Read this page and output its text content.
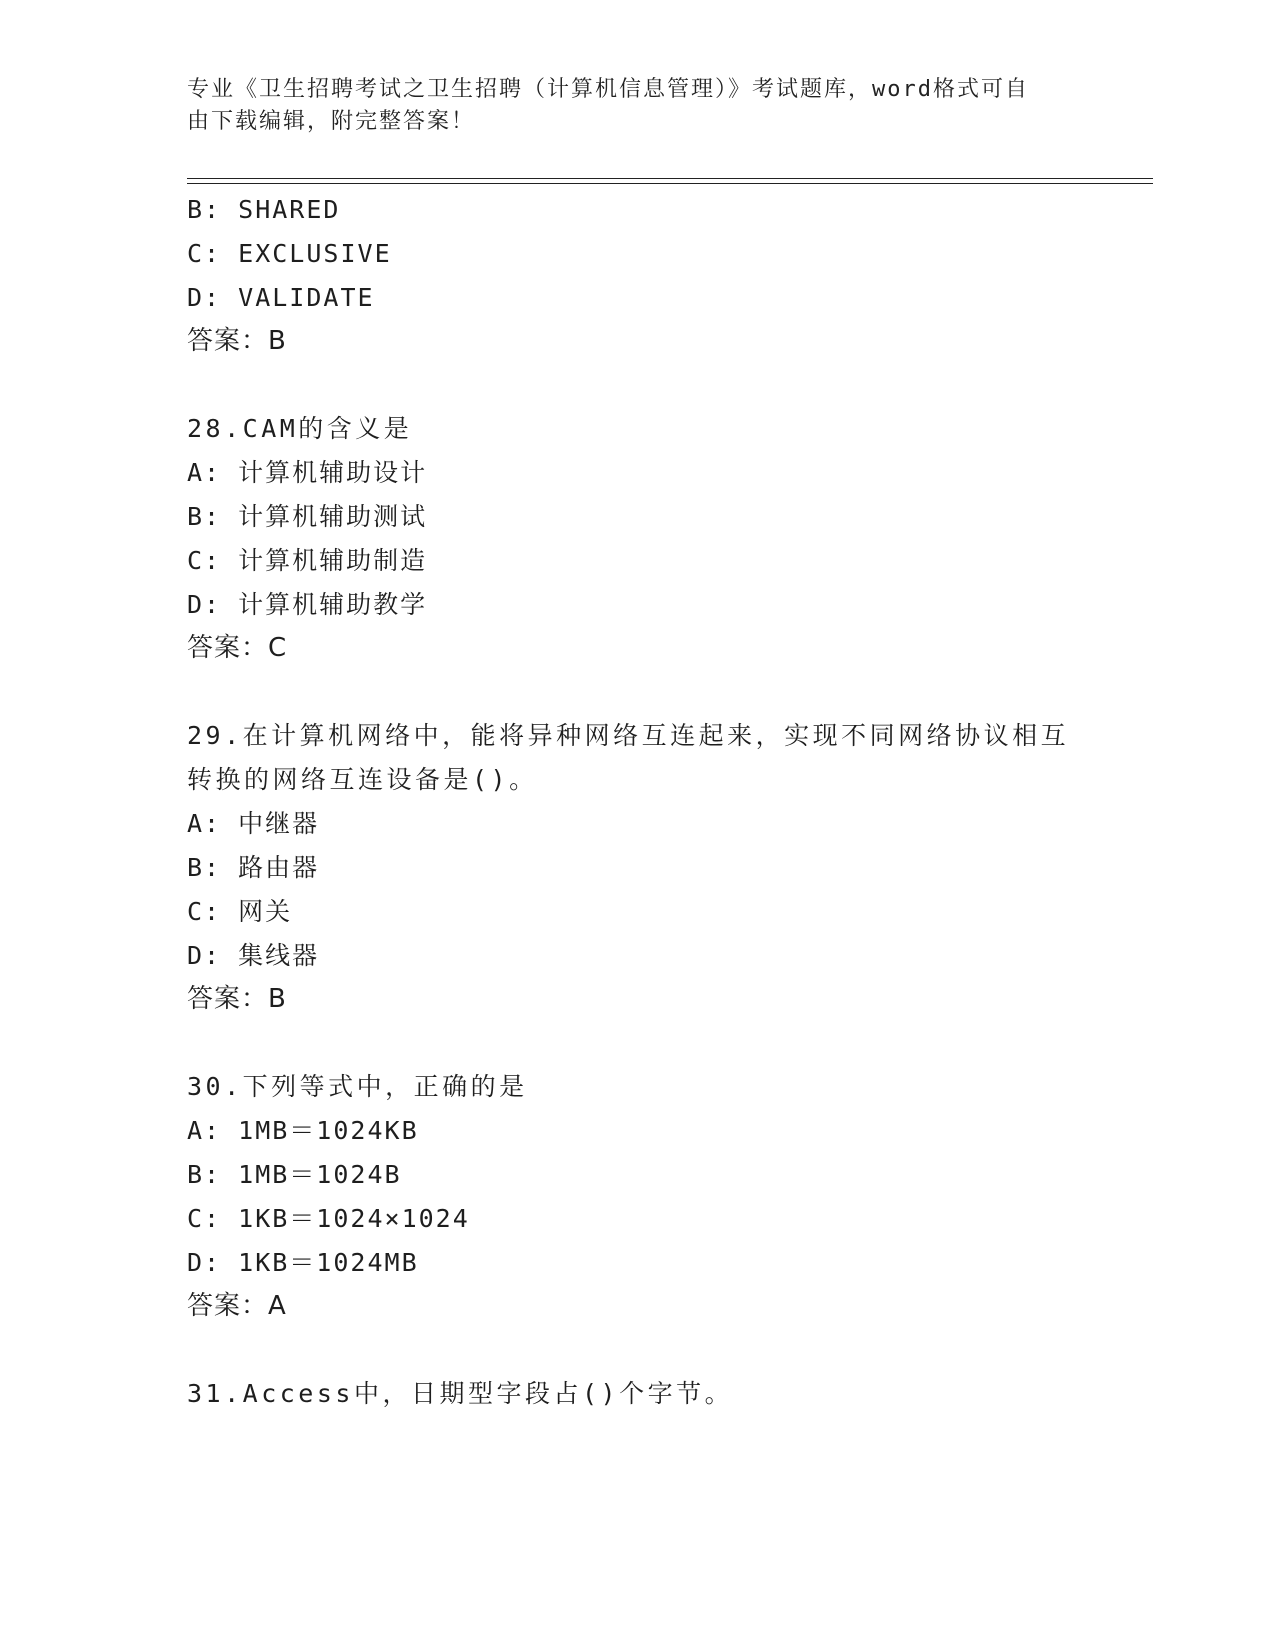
专业《卫生招聘考试之卫生招聘（计算机信息管理）》考试题库，word格式可自
由下载编辑，附完整答案！
B: SHARED
C: EXCLUSIVE
D: VALIDATE
答案：B
28.CAM的含义是
A: 计算机辅助设计
B: 计算机辅助测试
C: 计算机辅助制造
D: 计算机辅助教学
答案：C
29.在计算机网络中，能将异种网络互连起来，实现不同网络协议相互
转换的网络互连设备是()。
A: 中继器
B: 路由器
C: 网关
D: 集线器
答案：B
30.下列等式中，正确的是
A: 1MB＝1024KB
B: 1MB＝1024B
C: 1KB＝1024×1024
D: 1KB＝1024MB
答案：A
31.Access中，日期型字段占()个字节。
